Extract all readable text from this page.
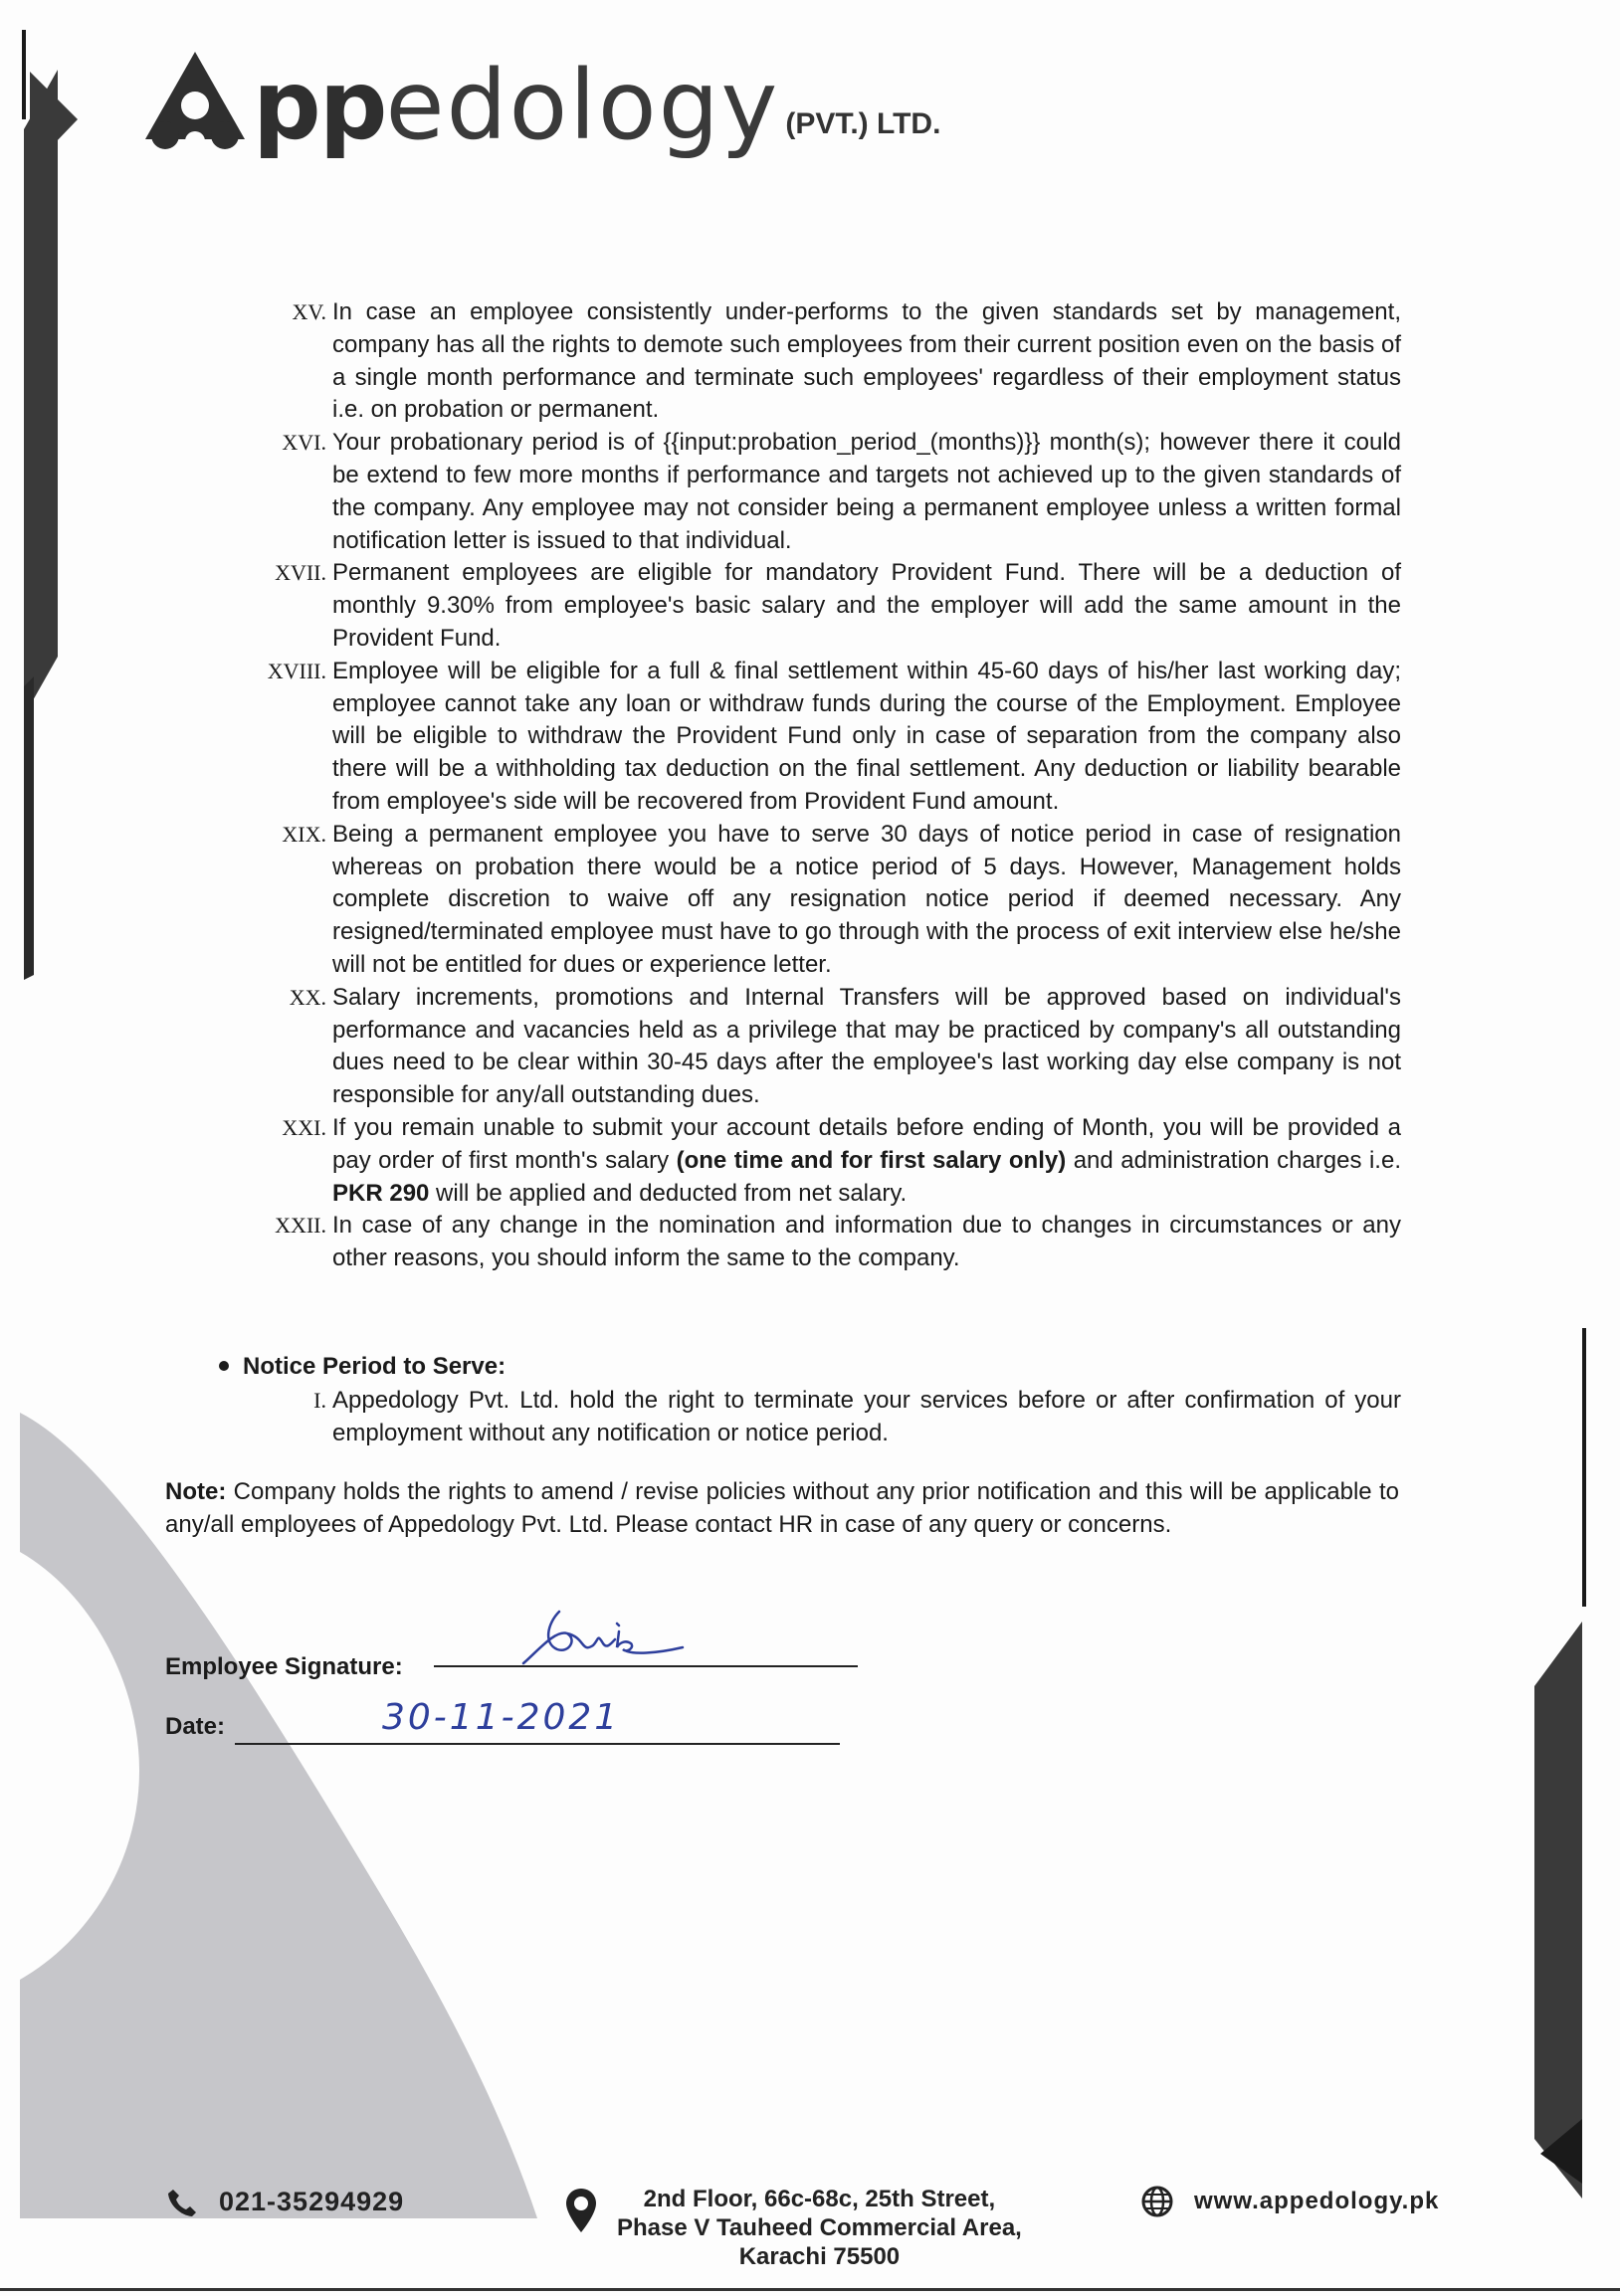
pp edology (PVT.) LTD.
XV. In case an employee consistently under-performs to the given standards set by management, company has all the rights to demote such employees from their current position even on the basis of a single month performance and terminate such employees' regardless of their employment status i.e. on probation or permanent.
XVI. Your probationary period is of {{input:probation_period_(months)}} month(s); however there it could be extend to few more months if performance and targets not achieved up to the given standards of the company. Any employee may not consider being a permanent employee unless a written formal notification letter is issued to that individual.
XVII. Permanent employees are eligible for mandatory Provident Fund. There will be a deduction of monthly 9.30% from employee's basic salary and the employer will add the same amount in the Provident Fund.
XVIII. Employee will be eligible for a full & final settlement within 45-60 days of his/her last working day; employee cannot take any loan or withdraw funds during the course of the Employment. Employee will be eligible to withdraw the Provident Fund only in case of separation from the company also there will be a withholding tax deduction on the final settlement. Any deduction or liability bearable from employee's side will be recovered from Provident Fund amount.
XIX. Being a permanent employee you have to serve 30 days of notice period in case of resignation whereas on probation there would be a notice period of 5 days. However, Management holds complete discretion to waive off any resignation notice period if deemed necessary. Any resigned/terminated employee must have to go through with the process of exit interview else he/she will not be entitled for dues or experience letter.
XX. Salary increments, promotions and Internal Transfers will be approved based on individual's performance and vacancies held as a privilege that may be practiced by company's all outstanding dues need to be clear within 30-45 days after the employee's last working day else company is not responsible for any/all outstanding dues.
XXI. If you remain unable to submit your account details before ending of Month, you will be provided a pay order of first month's salary (one time and for first salary only) and administration charges i.e. PKR 290 will be applied and deducted from net salary.
XXII. In case of any change in the nomination and information due to changes in circumstances or any other reasons, you should inform the same to the company.
Notice Period to Serve:
I. Appedology Pvt. Ltd. hold the right to terminate your services before or after confirmation of your employment without any notification or notice period.
Note: Company holds the rights to amend / revise policies without any prior notification and this will be applicable to any/all employees of Appedology Pvt. Ltd. Please contact HR in case of any query or concerns.
Employee Signature:
Date:	30-11-2021
021-35294929	2nd Floor, 66c-68c, 25th Street,
Phase V Tauheed Commercial Area,
Karachi 75500
www.appedology.pk
